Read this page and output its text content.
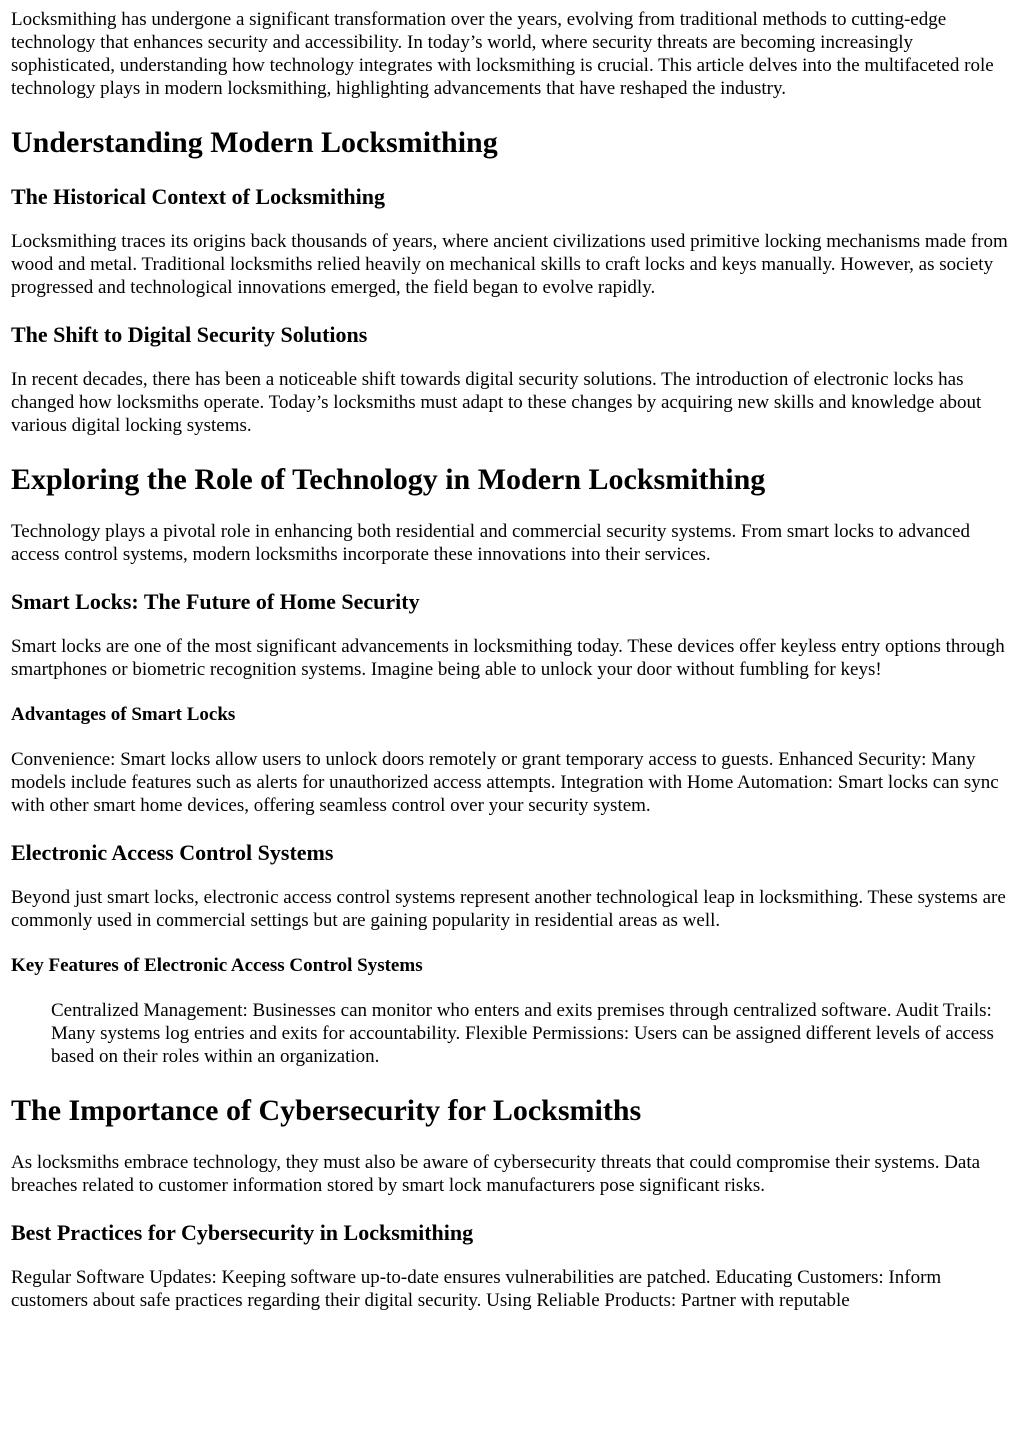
Locksmithing has undergone a significant transformation over the years, evolving from traditional methods to cutting-edge technology that enhances security and accessibility. In today’s world, where security threats are becoming increasingly sophisticated, understanding how technology integrates with locksmithing is crucial. This article delves into the multifaceted role technology plays in modern locksmithing, highlighting advancements that have reshaped the industry.

Understanding Modern Locksmithing
The Historical Context of Locksmithing

Locksmithing traces its origins back thousands of years, where ancient civilizations used primitive locking mechanisms made from wood and metal. Traditional locksmiths relied heavily on mechanical skills to craft locks and keys manually. However, as society progressed and technological innovations emerged, the field began to evolve rapidly.

The Shift to Digital Security Solutions

In recent decades, there has been a noticeable shift towards digital security solutions. The introduction of electronic locks has changed how locksmiths operate. Today’s locksmiths must adapt to these changes by acquiring new skills and knowledge about various digital locking systems.

Exploring the Role of Technology in Modern Locksmithing

Technology plays a pivotal role in enhancing both residential and commercial security systems. From smart locks to advanced access control systems, modern locksmiths incorporate these innovations into their services.

Smart Locks: The Future of Home Security

Smart locks are one of the most significant advancements in locksmithing today. These devices offer keyless entry options through smartphones or biometric recognition systems. Imagine being able to unlock your door without fumbling for keys!

Advantages of Smart Locks

Convenience: Smart locks allow users to unlock doors remotely or grant temporary access to guests. Enhanced Security: Many models include features such as alerts for unauthorized access attempts. Integration with Home Automation: Smart locks can sync with other smart home devices, offering seamless control over your security system.

Electronic Access Control Systems

Beyond just smart locks, electronic access control systems represent another technological leap in locksmithing. These systems are commonly used in commercial settings but are gaining popularity in residential areas as well.

Key Features of Electronic Access Control Systems
Centralized Management: Businesses can monitor who enters and exits premises through centralized software. Audit Trails: Many systems log entries and exits for accountability. Flexible Permissions: Users can be assigned different levels of access based on their roles within an organization.
The Importance of Cybersecurity for Locksmiths

As locksmiths embrace technology, they must also be aware of cybersecurity threats that could compromise their systems. Data breaches related to customer information stored by smart lock manufacturers pose significant risks.

Best Practices for Cybersecurity in Locksmithing

Regular Software Updates: Keeping software up-to-date ensures vulnerabilities are patched. Educating Customers: Inform customers about safe practices regarding their digital security. Using Reliable Products: Partner with reputable
